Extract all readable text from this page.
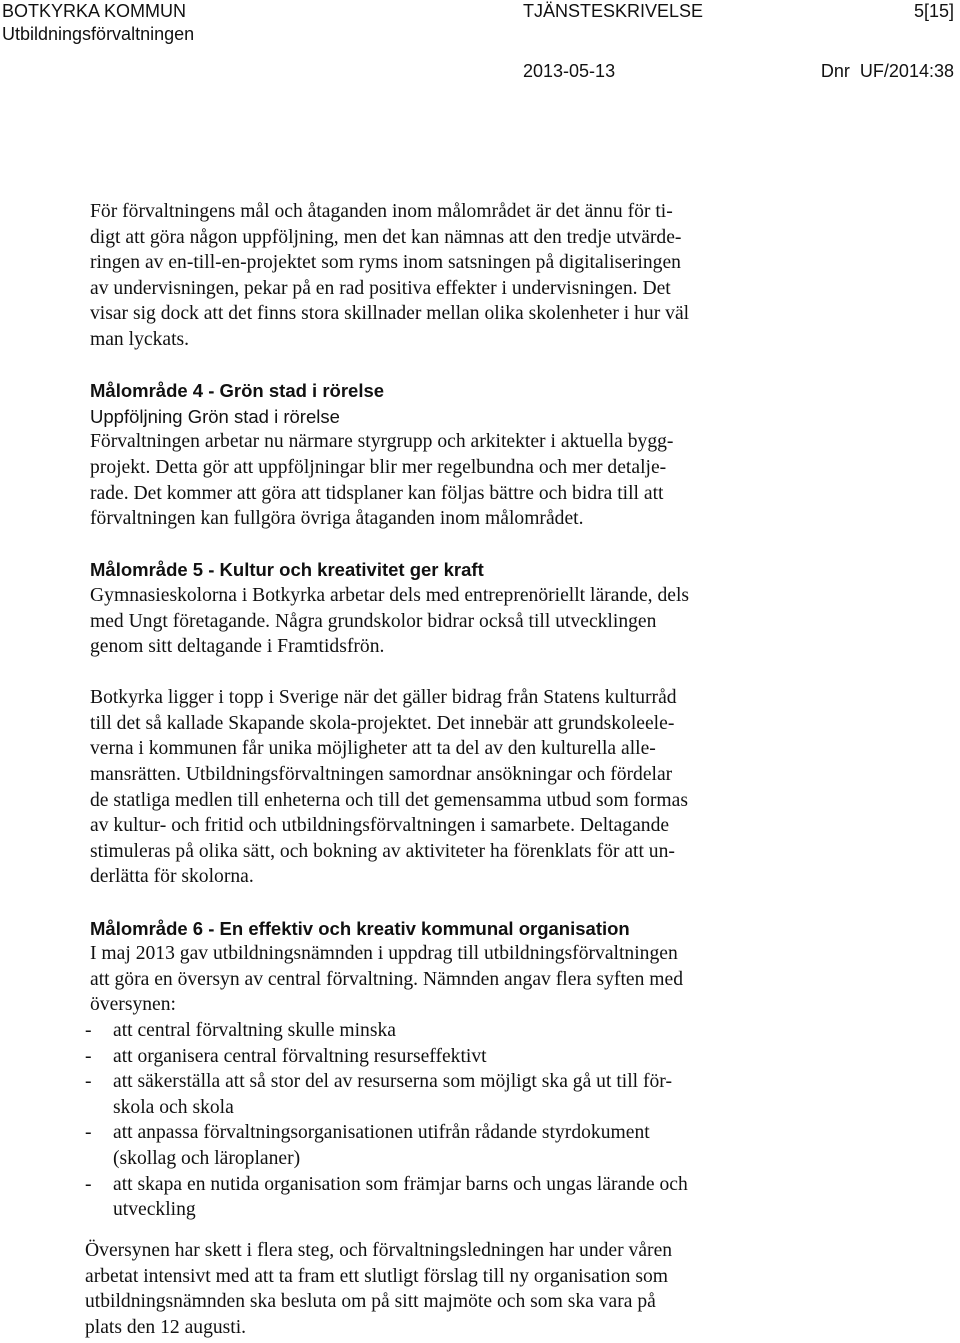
BOTKYRKA KOMMUN
Utbildningsförvaltningen
TJÄNSTESKRIVELSE	5[15]
2013-05-13	Dnr  UF/2014:38
För förvaltningens mål och åtaganden inom målområdet är det ännu för ti-
digt att göra någon uppföljning, men det kan nämnas att den tredje utvärde-
ringen av en-till-en-projektet som ryms inom satsningen på digitaliseringen
av undervisningen, pekar på en rad positiva effekter i undervisningen. Det
visar sig dock att det finns stora skillnader mellan olika skolenheter i hur väl
man lyckats.
Målområde 4 - Grön stad i rörelse
Uppföljning Grön stad i rörelse
Förvaltningen arbetar nu närmare styrgrupp och arkitekter i aktuella bygg-
projekt. Detta gör att uppföljningar blir mer regelbundna och mer detalje-
rade. Det kommer att göra att tidsplaner kan följas bättre och bidra till att
förvaltningen kan fullgöra övriga åtaganden inom målområdet.
Målområde 5 - Kultur och kreativitet ger kraft
Gymnasieskolorna i Botkyrka arbetar dels med entreprenöriellt lärande, dels
med Ungt företagande. Några grundskolor bidrar också till utvecklingen
genom sitt deltagande i Framtidsfrön.
Botkyrka ligger i topp i Sverige när det gäller bidrag från Statens kulturråd
till det så kallade Skapande skola-projektet. Det innebär att grundskoleele-
verna i kommunen får unika möjligheter att ta del av den kulturella alle-
mansrätten. Utbildningsförvaltningen samordnar ansökningar och fördelar
de statliga medlen till enheterna och till det gemensamma utbud som formas
av kultur- och fritid och utbildningsförvaltningen i samarbete. Deltagande
stimuleras på olika sätt, och bokning av aktiviteter ha förenklats för att un-
derlätta för skolorna.
Målområde 6 - En effektiv och kreativ kommunal organisation
I maj 2013 gav utbildningsnämnden i uppdrag till utbildningsförvaltningen
att göra en översyn av central förvaltning. Nämnden angav flera syften med
översynen:
- att central förvaltning skulle minska
- att organisera central förvaltning resurseffektivt
- att säkerställa att så stor del av resurserna som möjligt ska gå ut till för-
skola och skola
- att anpassa förvaltningsorganisationen utifrån rådande styrdokument
(skollag och läroplaner)
- att skapa en nutida organisation som främjar barns och ungas lärande och
utveckling
Översynen har skett i flera steg, och förvaltningsledningen har under våren
arbetat intensivt med att ta fram ett slutligt förslag till ny organisation som
utbildningsnämnden ska besluta om på sitt majmöte och som ska vara på
plats den 12 augusti.
